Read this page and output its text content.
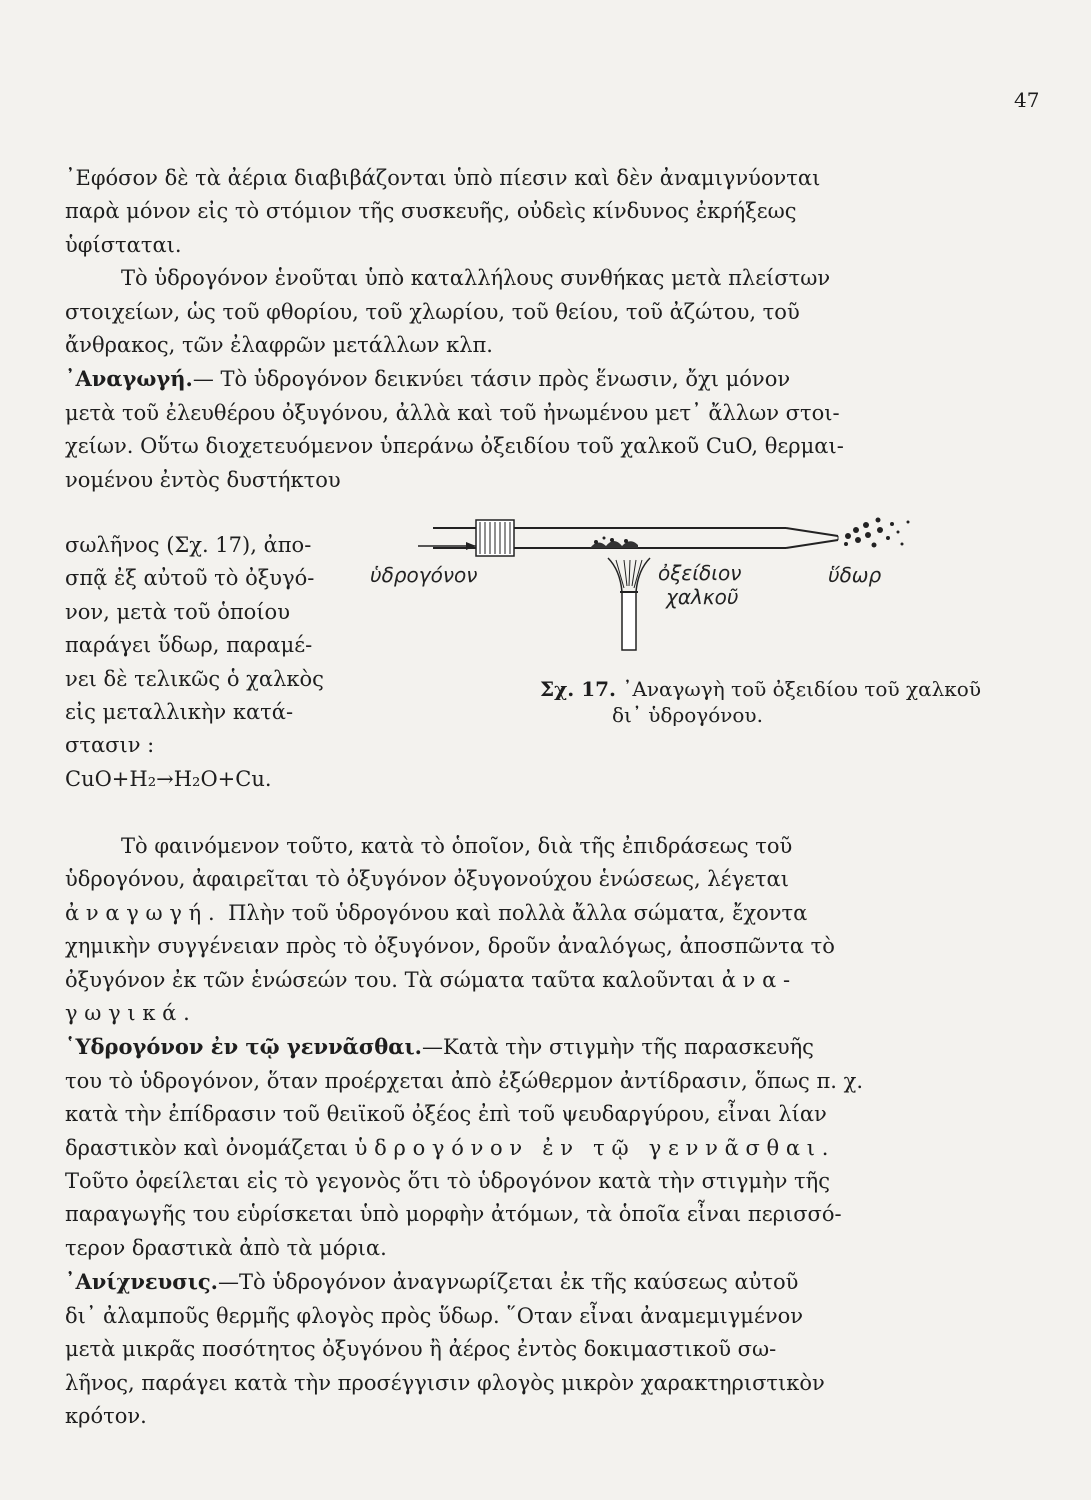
47
᾿Εφόσον δὲ τὰ ἀέρια διαβιβάζονται ὑπὸ πίεσιν καὶ δὲν ἀναμιγνύονται
παρὰ μόνον εἰς τὸ στόμιον τῆς συσκευῆς, οὐδεὶς κίνδυνος ἐκρήξεως
ὑφίσταται.
Τὸ ὑδρογόνον ἑνοῦται ὑπὸ καταλλήλους συνθήκας μετὰ πλείστων
στοιχείων, ὡς τοῦ φθορίου, τοῦ χλωρίου, τοῦ θείου, τοῦ ἀζώτου, τοῦ
ἄνθρακος, τῶν ἐλαφρῶν μετάλλων κλπ.
᾿Αναγωγή.— Τὸ ὑδρογόνον δεικνύει τάσιν πρὸς ἕνωσιν, ὄχι μόνον
μετὰ τοῦ ἐλευθέρου ὀξυγόνου, ἀλλὰ καὶ τοῦ ἠνωμένου μετ᾿ ἄλλων στοι-
χείων. Οὕτω διοχετευόμενον ὑπεράνω ὀξειδίου τοῦ χαλκοῦ CuO, θερμαι-
νομένου ἐντὸς δυστήκτου
σωλῆνος (Σχ. 17), ἀπο-
σπᾷ ἐξ αὐτοῦ τὸ ὀξυγό-
νον, μετὰ τοῦ ὁποίου
παράγει ὕδωρ, παραμέ-
νει δὲ τελικῶς ὁ χαλκὸς
εἰς μεταλλικὴν κατά-
στασιν :
CuO+H₂→H₂O+Cu.
ὑδρογόνον	ὀξείδιον
χαλκοῦ
ὕδωρ
Σχ. 17. ᾿Αναγωγὴ τοῦ ὀξειδίου τοῦ χαλκοῦ
δι᾿ ὑδρογόνου.
Τὸ φαινόμενον τοῦτο, κατὰ τὸ ὁποῖον, διὰ τῆς ἐπιδράσεως τοῦ
ὑδρογόνου, ἀφαιρεῖται τὸ ὀξυγόνον ὀξυγονούχου ἑνώσεως, λέγεται
ἀναγωγή. Πλὴν τοῦ ὑδρογόνου καὶ πολλὰ ἄλλα σώματα, ἔχοντα
χημικὴν συγγένειαν πρὸς τὸ ὀξυγόνον, δροῦν ἀναλόγως, ἀποσπῶντα τὸ
ὀξυγόνον ἐκ τῶν ἑνώσεών του. Τὰ σώματα ταῦτα καλοῦνται ἀνα-
γωγικά.
῾Υδρογόνον ἐν τῷ γεννᾶσθαι.—Κατὰ τὴν στιγμὴν τῆς παρασκευῆς
του τὸ ὑδρογόνον, ὅταν προέρχεται ἀπὸ ἐξώθερμον ἀντίδρασιν, ὅπως π. χ.
κατὰ τὴν ἐπίδρασιν τοῦ θειϊκοῦ ὀξέος ἐπὶ τοῦ ψευδαργύρου, εἶναι λίαν
δραστικὸν καὶ ὀνομάζεται ὑδρογόνον ἐν τῷ γεννᾶσθαι.
Τοῦτο ὀφείλεται εἰς τὸ γεγονὸς ὅτι τὸ ὑδρογόνον κατὰ τὴν στιγμὴν τῆς
παραγωγῆς του εὑρίσκεται ὑπὸ μορφὴν ἀτόμων, τὰ ὁποῖα εἶναι περισσό-
τερον δραστικὰ ἀπὸ τὰ μόρια.
᾿Ανίχνευσις.—Τὸ ὑδρογόνον ἀναγνωρίζεται ἐκ τῆς καύσεως αὐτοῦ
δι᾿ ἀλαμποῦς θερμῆς φλογὸς πρὸς ὕδωρ. ῞Οταν εἶναι ἀναμεμιγμένον
μετὰ μικρᾶς ποσότητος ὀξυγόνου ἢ ἀέρος ἐντὸς δοκιμαστικοῦ σω-
λῆνος, παράγει κατὰ τὴν προσέγγισιν φλογὸς μικρὸν χαρακτηριστικὸν
κρότον.
